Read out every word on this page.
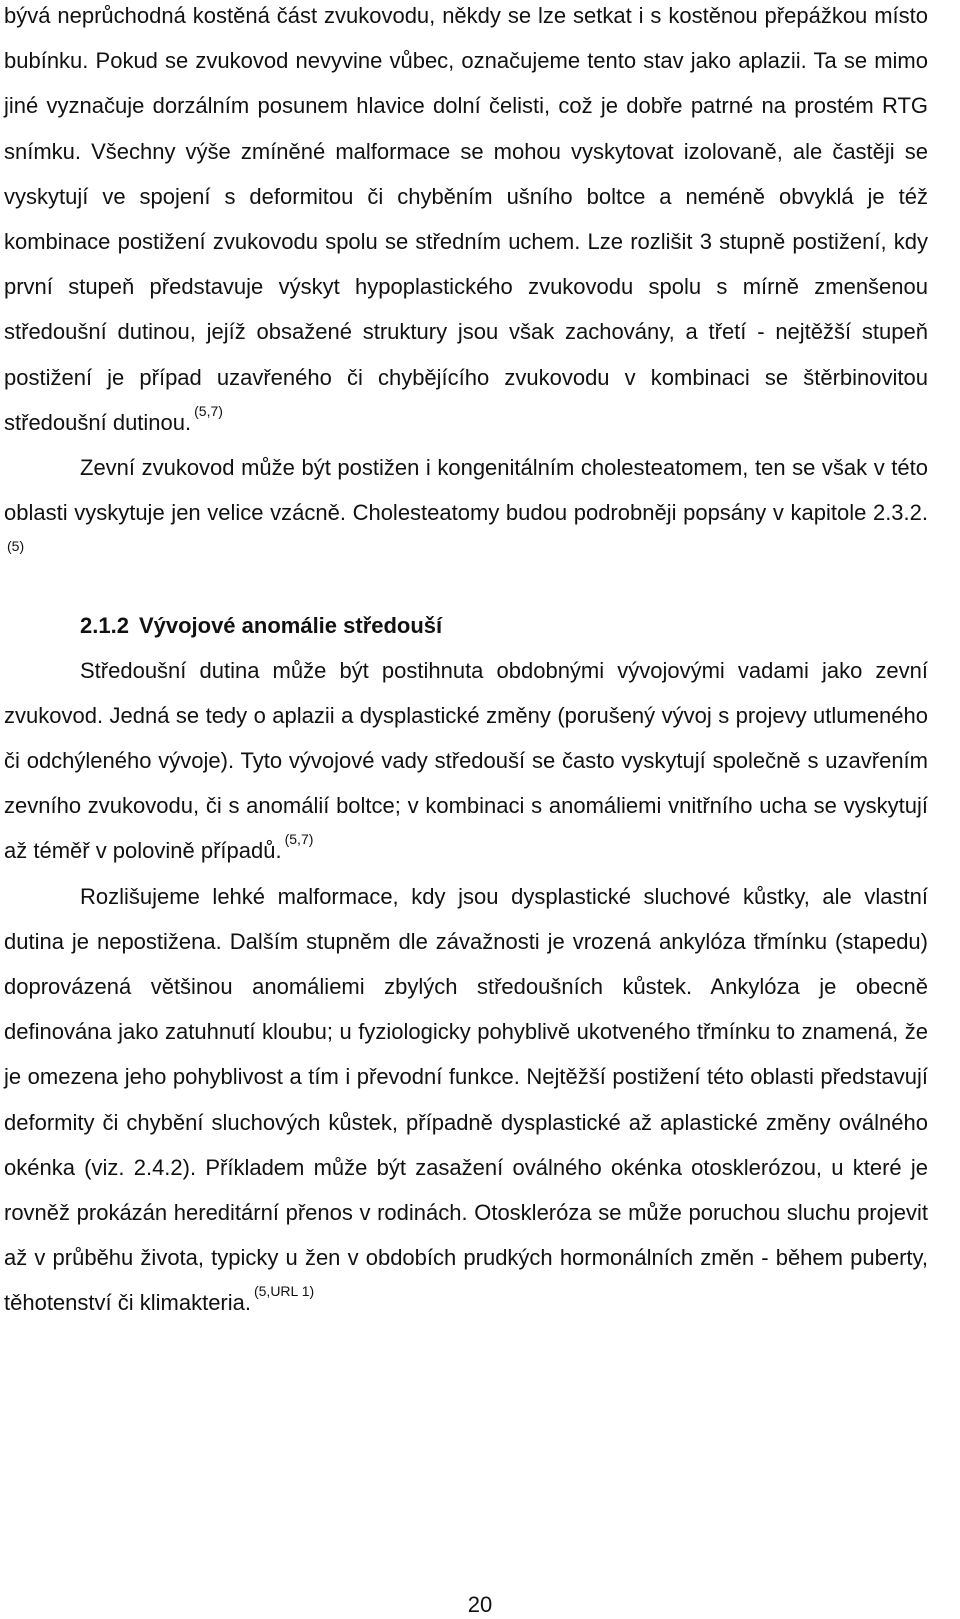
bývá neprůchodná kostěná část zvukovodu, někdy se lze setkat i s kostěnou přepážkou místo bubínku. Pokud se zvukovod nevyvine vůbec, označujeme tento stav jako aplazii. Ta se mimo jiné vyznačuje dorzálním posunem hlavice dolní čelisti, což je dobře patrné na prostém RTG snímku. Všechny výše zmíněné malformace se mohou vyskytovat izolovaně, ale častěji se vyskytují ve spojení s deformitou či chyběním ušního boltce a neméně obvyklá je též kombinace postižení zvukovodu spolu se středním uchem. Lze rozlišit 3 stupně postižení, kdy první stupeň představuje výskyt hypoplastického zvukovodu spolu s mírně zmenšenou středoušní dutinou, jejíž obsažené struktury jsou však zachovány, a třetí - nejtěžší stupeň postižení je případ uzavřeného či chybějícího zvukovodu v kombinaci se štěrbinovitou středoušní dutinou. $^{(5,7)}$

Zevní zvukovod může být postižen i kongenitálním cholesteatomem, ten se však v této oblasti vyskytuje jen velice vzácně. Cholesteatomy budou podrobněji popsány v kapitole 2.3.2.$^{(5)}$

2.1.2 Vývojové anomálie středouší

Středoušní dutina může být postihnuta obdobnými vývojovými vadami jako zevní zvukovod. Jedná se tedy o aplazii a dysplastické změny (porušený vývoj s projevy utlumeného či odchýleného vývoje). Tyto vývojové vady středouší se často vyskytují společně s uzavřením zevního zvukovodu, či s anomálií boltce; v kombinaci s anomáliemi vnitřního ucha se vyskytují až téměř v polovině případů. $^{(5,7)}$

Rozlišujeme lehké malformace, kdy jsou dysplastické sluchové kůstky, ale vlastní dutina je nepostižena. Dalším stupněm dle závažnosti je vrozená ankylóza třmínku (stapedu) doprovázená většinou anomáliemi zbylých středoušních kůstek. Ankylóza je obecně definována jako zatuhnutí kloubu; u fyziologicky pohyblivě ukotveného třmínku to znamená, že je omezena jeho pohyblivost a tím i převodní funkce. Nejtěžší postižení této oblasti představují deformity či chybění sluchových kůstek, případně dysplastické až aplastické změny oválného okénka (viz. 2.4.2). Příkladem může být zasažení oválného okénka otosklerózou, u které je rovněž prokázán hereditární přenos v rodinách. Otoskleróza se může poruchou sluchu projevit až v průběhu života, typicky u žen v obdobích prudkých hormonálních změn - během puberty, těhotenství či klimakteria. $^{(5,URL 1)}$

20
